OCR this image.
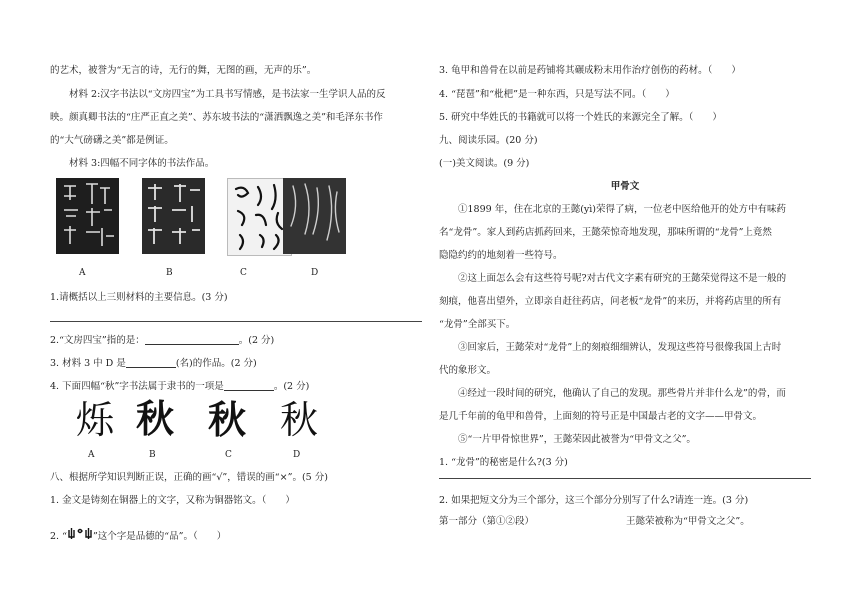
的艺术，被誉为“无言的诗，无行的舞，无图的画，无声的乐”。
材料 2:汉字书法以“文房四宝”为工具书写情感，是书法家一生学识人品的反
映。颜真卿书法的“庄严正直之美”、苏东坡书法的“潇洒飘逸之美”和毛泽东书作
的“大气磅礴之美”都是例证。
材料 3:四幅不同字体的书法作品。
A	B	C	D
1.请概括以上三则材料的主要信息。(3 分)
2.“文房四宝”指的是：	。(2 分)
3. 材料 3 中 D 是	(名)的作品。(2 分)
4. 下面四幅“秋”字书法属于隶书的一项是	。(2 分)
烁 秋 秋 秋
A	B	C	D
八、根据所学知识判断正误，正确的画“√”，错误的画“×”。(5 分)
1. 金文是铸刻在铜器上的文字，又称为铜器铭文。（　　）
2. “	”这个字是品德的“品”。（　　）
3. 龟甲和兽骨在以前是药铺将其碾成粉末用作治疗创伤的药材。（　　）
4. “琵琶”和“枇杷”是一种东西，只是写法不同。（　　）
5. 研究中华姓氏的书籍就可以将一个姓氏的来源完全了解。（　　）
九、阅读乐园。(20 分)
(一)美文阅读。(9 分)
甲骨文
①1899 年，住在北京的王懿(yì)荣得了病，一位老中医给他开的处方中有味药
名“龙骨”。家人到药店抓药回来，王懿荣惊奇地发现，那味所谓的“龙骨”上竟然
隐隐约约的地刻着一些符号。
②这上面怎么会有这些符号呢?对古代文字素有研究的王懿荣觉得这不是一般的
刻痕，他喜出望外，立即亲自赶往药店，问老板“龙骨”的来历，并将药店里的所有
“龙骨”全部买下。
③回家后，王懿荣对“龙骨”上的刻痕细细辨认，发现这些符号很像我国上古时
代的象形文。
④经过一段时间的研究，他确认了自己的发现。那些骨片并非什么龙”的骨，而
是几千年前的龟甲和兽骨，上面刻的符号正是中国最古老的文字——甲骨文。
⑤“一片甲骨惊世界”，王懿荣因此被誉为“甲骨文之父”。
1. “龙骨”的秘密是什么?(3 分)
2. 如果把短文分为三个部分，这三个部分分别写了什么?请连一连。(3 分)
第一部分（第①②段）	王懿荣被称为“甲骨文之父”。
